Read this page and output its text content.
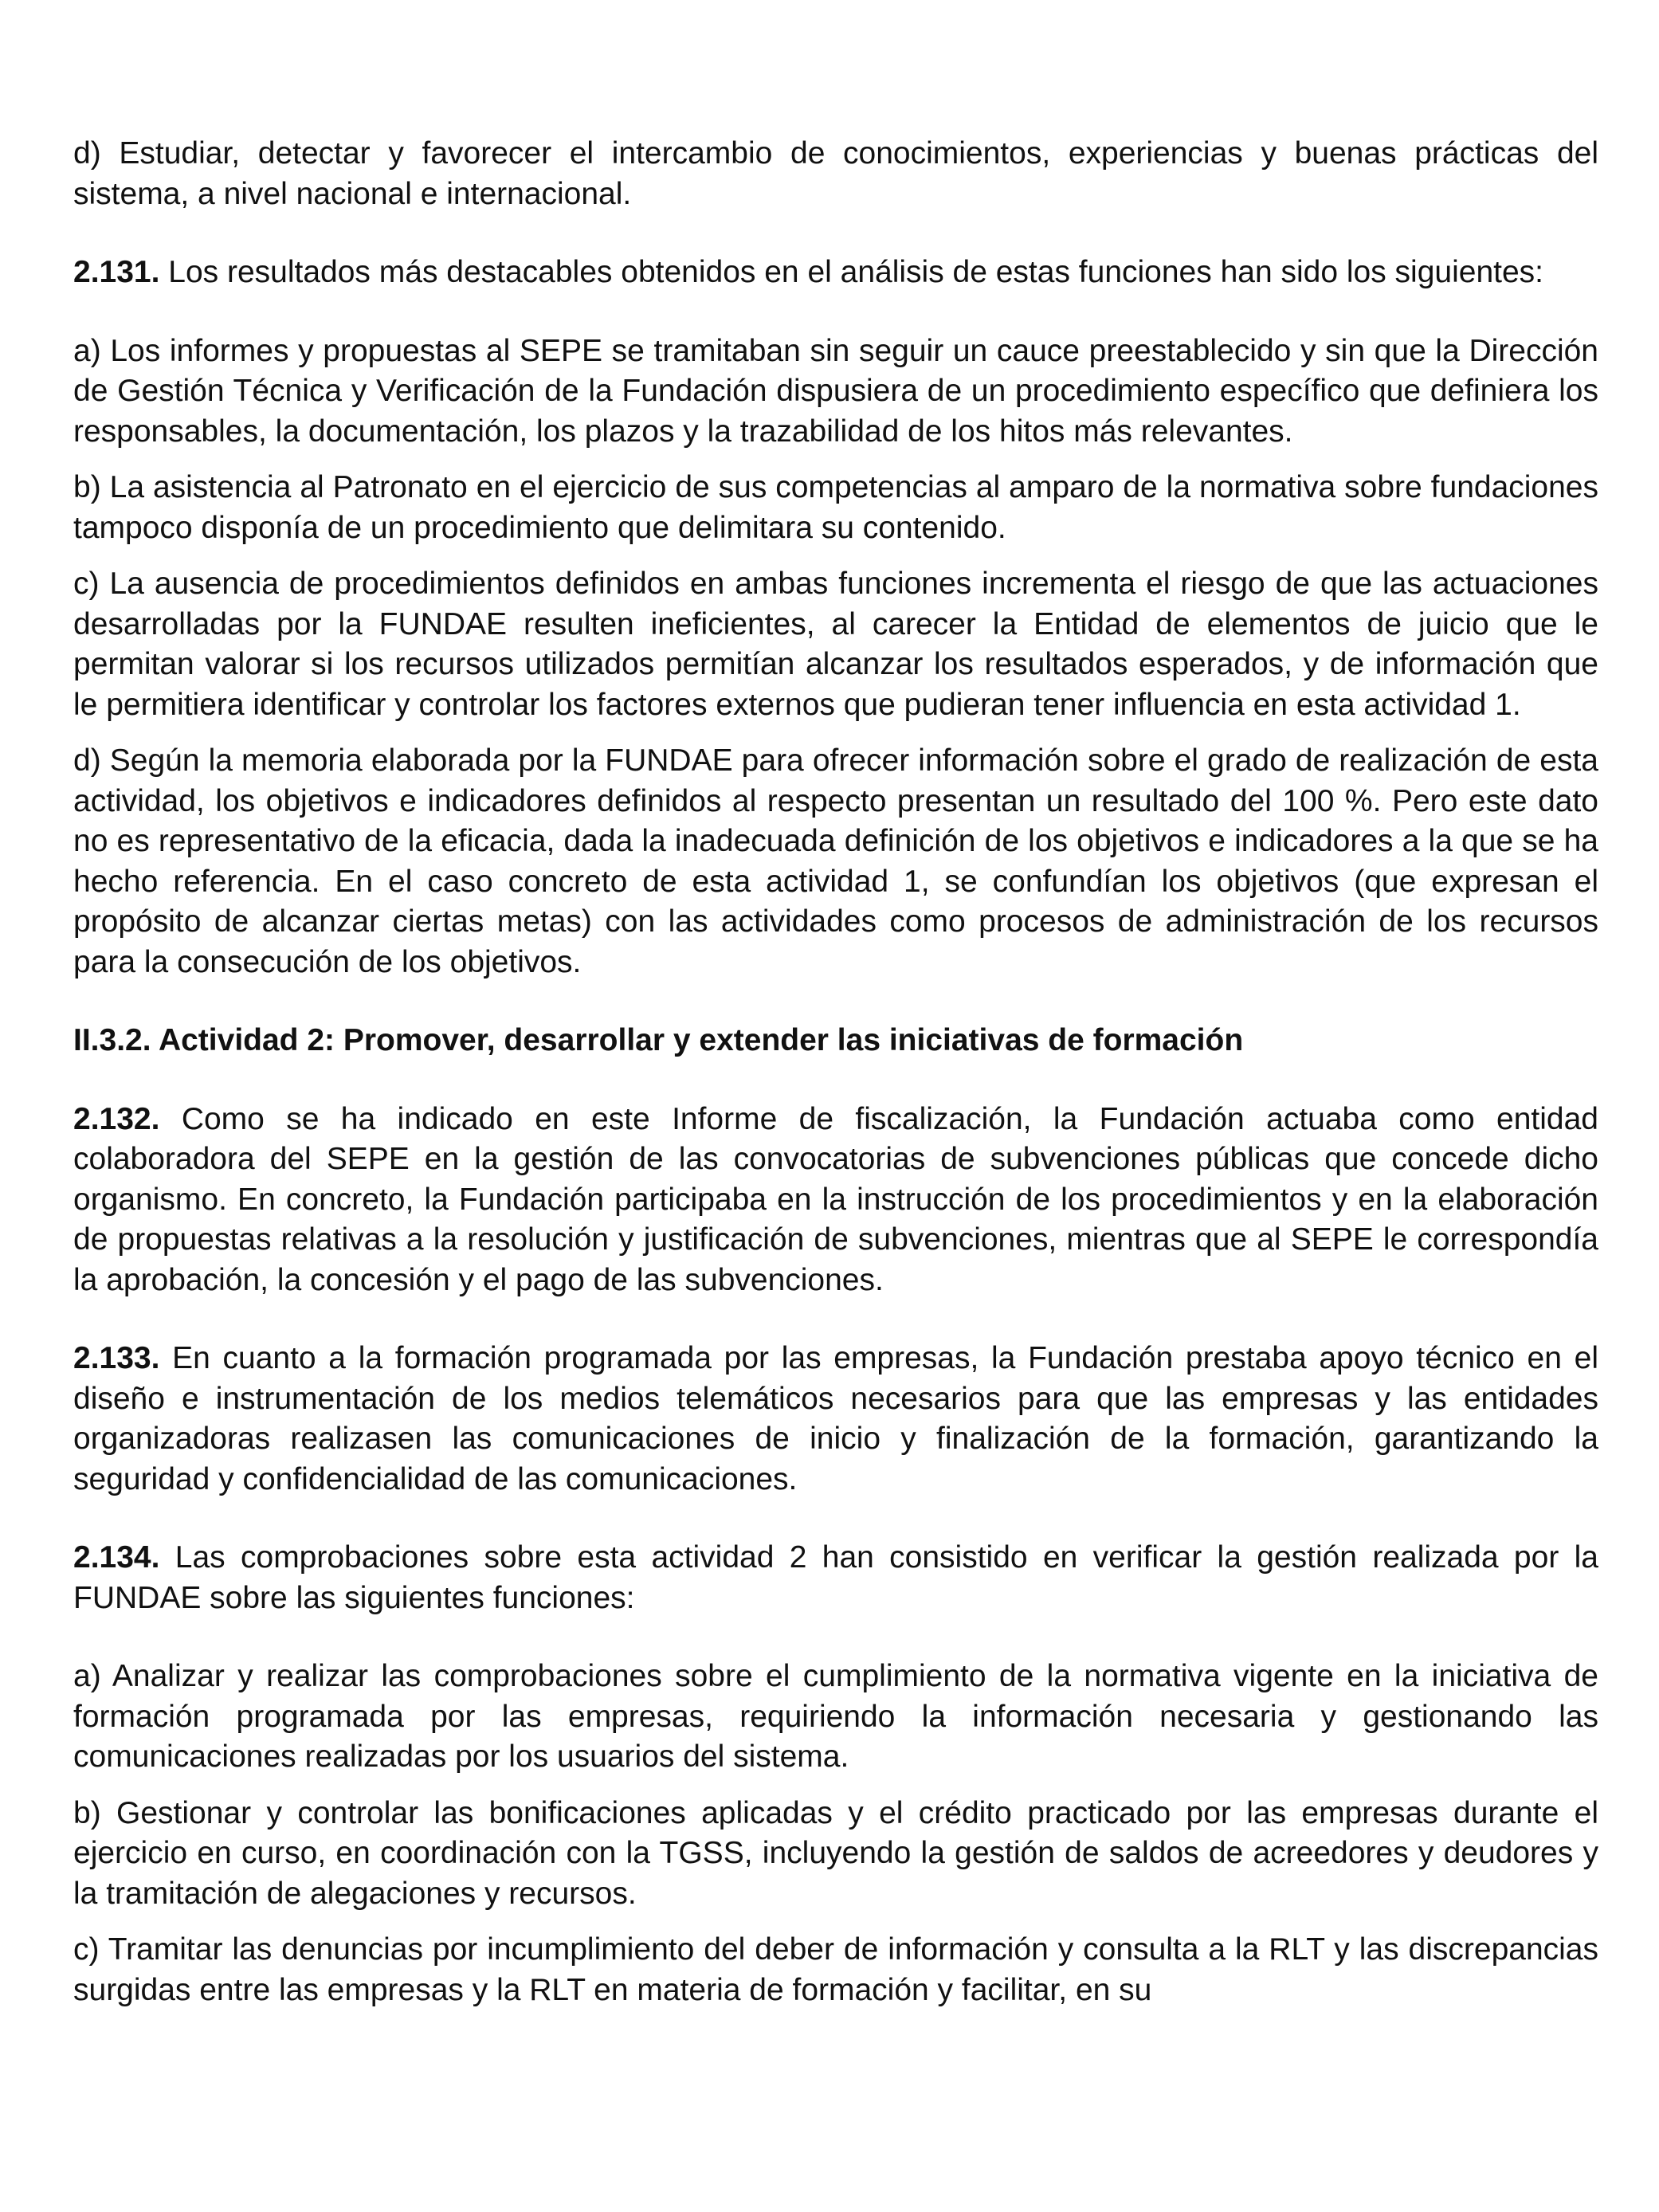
d) Estudiar, detectar y favorecer el intercambio de conocimientos, experiencias y buenas prácticas del sistema, a nivel nacional e internacional.

2.131. Los resultados más destacables obtenidos en el análisis de estas funciones han sido los siguientes:

a) Los informes y propuestas al SEPE se tramitaban sin seguir un cauce preestablecido y sin que la Dirección de Gestión Técnica y Verificación de la Fundación dispusiera de un procedimiento específico que definiera los responsables, la documentación, los plazos y la trazabilidad de los hitos más relevantes.

b) La asistencia al Patronato en el ejercicio de sus competencias al amparo de la normativa sobre fundaciones tampoco disponía de un procedimiento que delimitara su contenido.

c) La ausencia de procedimientos definidos en ambas funciones incrementa el riesgo de que las actuaciones desarrolladas por la FUNDAE resulten ineficientes, al carecer la Entidad de elementos de juicio que le permitan valorar si los recursos utilizados permitían alcanzar los resultados esperados, y de información que le permitiera identificar y controlar los factores externos que pudieran tener influencia en esta actividad 1.

d) Según la memoria elaborada por la FUNDAE para ofrecer información sobre el grado de realización de esta actividad, los objetivos e indicadores definidos al respecto presentan un resultado del 100 %. Pero este dato no es representativo de la eficacia, dada la inadecuada definición de los objetivos e indicadores a la que se ha hecho referencia. En el caso concreto de esta actividad 1, se confundían los objetivos (que expresan el propósito de alcanzar ciertas metas) con las actividades como procesos de administración de los recursos para la consecución de los objetivos.

II.3.2. Actividad 2: Promover, desarrollar y extender las iniciativas de formación

2.132. Como se ha indicado en este Informe de fiscalización, la Fundación actuaba como entidad colaboradora del SEPE en la gestión de las convocatorias de subvenciones públicas que concede dicho organismo. En concreto, la Fundación participaba en la instrucción de los procedimientos y en la elaboración de propuestas relativas a la resolución y justificación de subvenciones, mientras que al SEPE le correspondía la aprobación, la concesión y el pago de las subvenciones.

2.133. En cuanto a la formación programada por las empresas, la Fundación prestaba apoyo técnico en el diseño e instrumentación de los medios telemáticos necesarios para que las empresas y las entidades organizadoras realizasen las comunicaciones de inicio y finalización de la formación, garantizando la seguridad y confidencialidad de las comunicaciones.

2.134. Las comprobaciones sobre esta actividad 2 han consistido en verificar la gestión realizada por la FUNDAE sobre las siguientes funciones:

a) Analizar y realizar las comprobaciones sobre el cumplimiento de la normativa vigente en la iniciativa de formación programada por las empresas, requiriendo la información necesaria y gestionando las comunicaciones realizadas por los usuarios del sistema.

b) Gestionar y controlar las bonificaciones aplicadas y el crédito practicado por las empresas durante el ejercicio en curso, en coordinación con la TGSS, incluyendo la gestión de saldos de acreedores y deudores y la tramitación de alegaciones y recursos.

c) Tramitar las denuncias por incumplimiento del deber de información y consulta a la RLT y las discrepancias surgidas entre las empresas y la RLT en materia de formación y facilitar, en su
